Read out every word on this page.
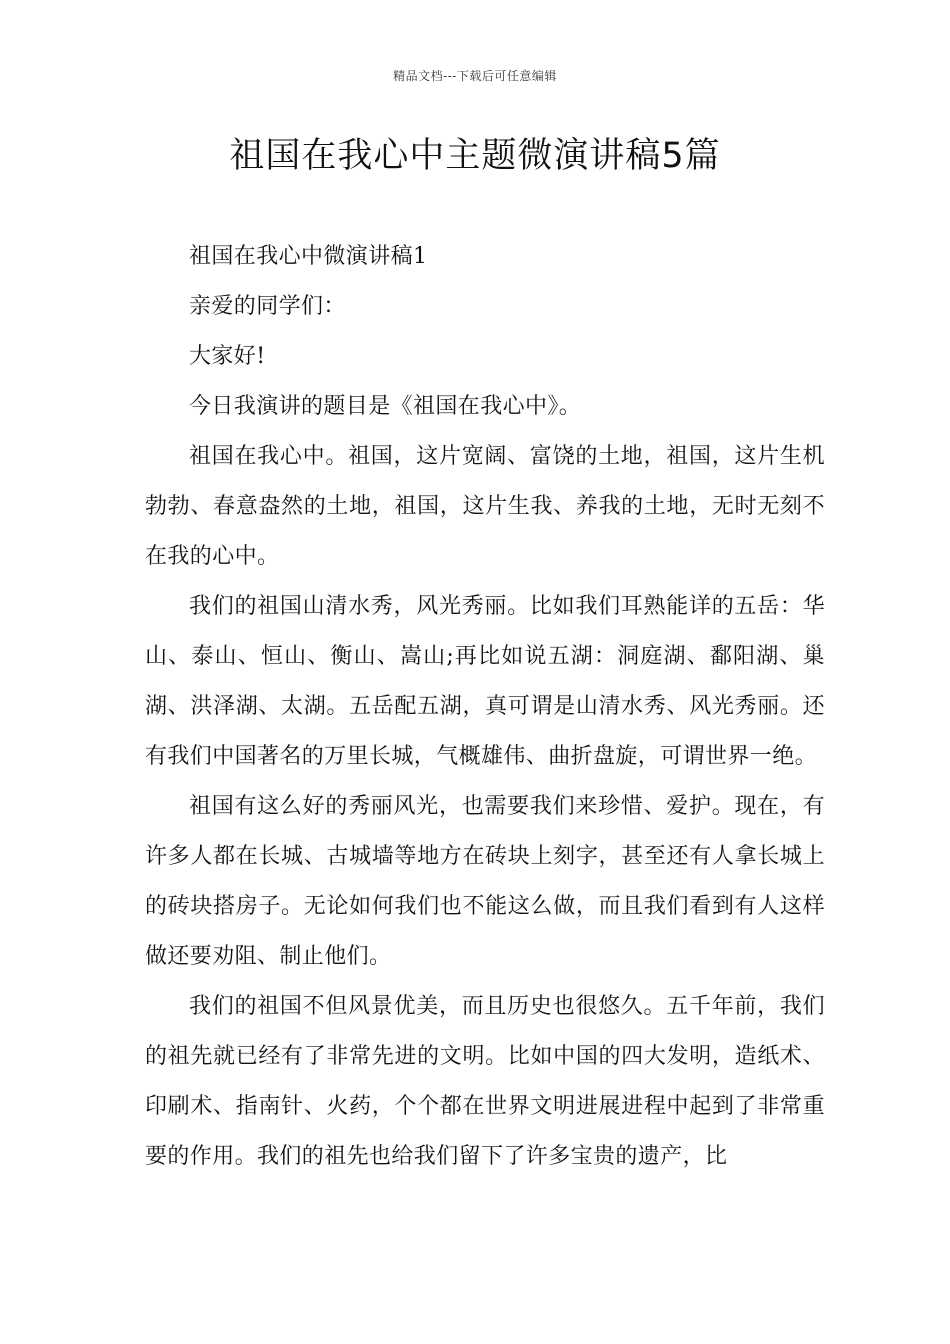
精品文档---下载后可任意编辑
祖国在我心中主题微演讲稿5篇

祖国在我心中微演讲稿1

亲爱的同学们：

大家好!

今日我演讲的题目是《祖国在我心中》。

祖国在我心中。祖国，这片宽阔、富饶的土地，祖国，这片生机勃勃、春意盎然的土地，祖国，这片生我、养我的土地，无时无刻不在我的心中。

我们的祖国山清水秀，风光秀丽。比如我们耳熟能详的五岳：华山、泰山、恒山、衡山、嵩山;再比如说五湖：洞庭湖、鄱阳湖、巢湖、洪泽湖、太湖。五岳配五湖，真可谓是山清水秀、风光秀丽。还有我们中国著名的万里长城，气概雄伟、曲折盘旋，可谓世界一绝。

祖国有这么好的秀丽风光，也需要我们来珍惜、爱护。现在，有许多人都在长城、古城墙等地方在砖块上刻字，甚至还有人拿长城上的砖块搭房子。无论如何我们也不能这么做，而且我们看到有人这样做还要劝阻、制止他们。

我们的祖国不但风景优美，而且历史也很悠久。五千年前，我们的祖先就已经有了非常先进的文明。比如中国的四大发明，造纸术、印刷术、指南针、火药，个个都在世界文明进展进程中起到了非常重要的作用。我们的祖先也给我们留下了许多宝贵的遗产，比
